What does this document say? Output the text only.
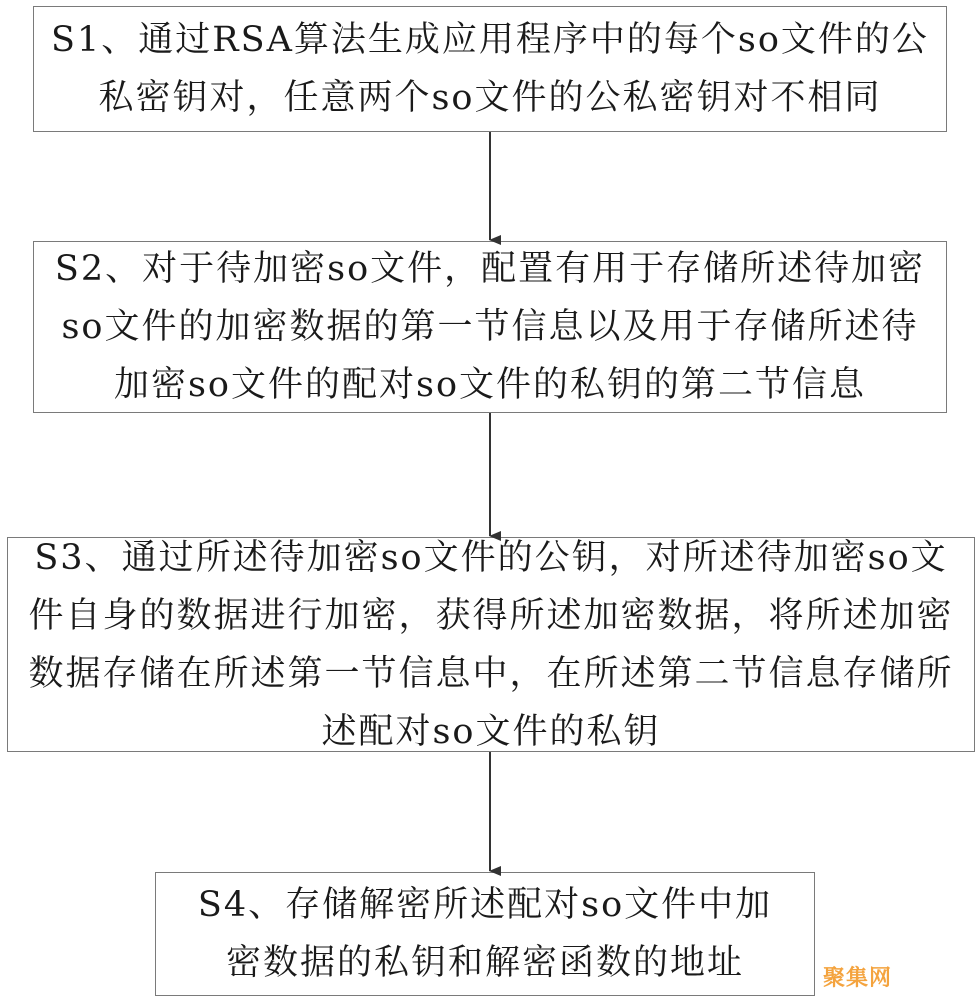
S1、通过RSA算法生成应用程序中的每个so文件的公私密钥对，任意两个so文件的公私密钥对不相同
S2、对于待加密so文件，配置有用于存储所述待加密so文件的加密数据的第一节信息以及用于存储所述待加密so文件的配对so文件的私钥的第二节信息
S3、通过所述待加密so文件的公钥，对所述待加密so文件自身的数据进行加密，获得所述加密数据，将所述加密数据存储在所述第一节信息中，在所述第二节信息存储所述配对so文件的私钥
S4、存储解密所述配对so文件中加密数据的私钥和解密函数的地址	聚集网
